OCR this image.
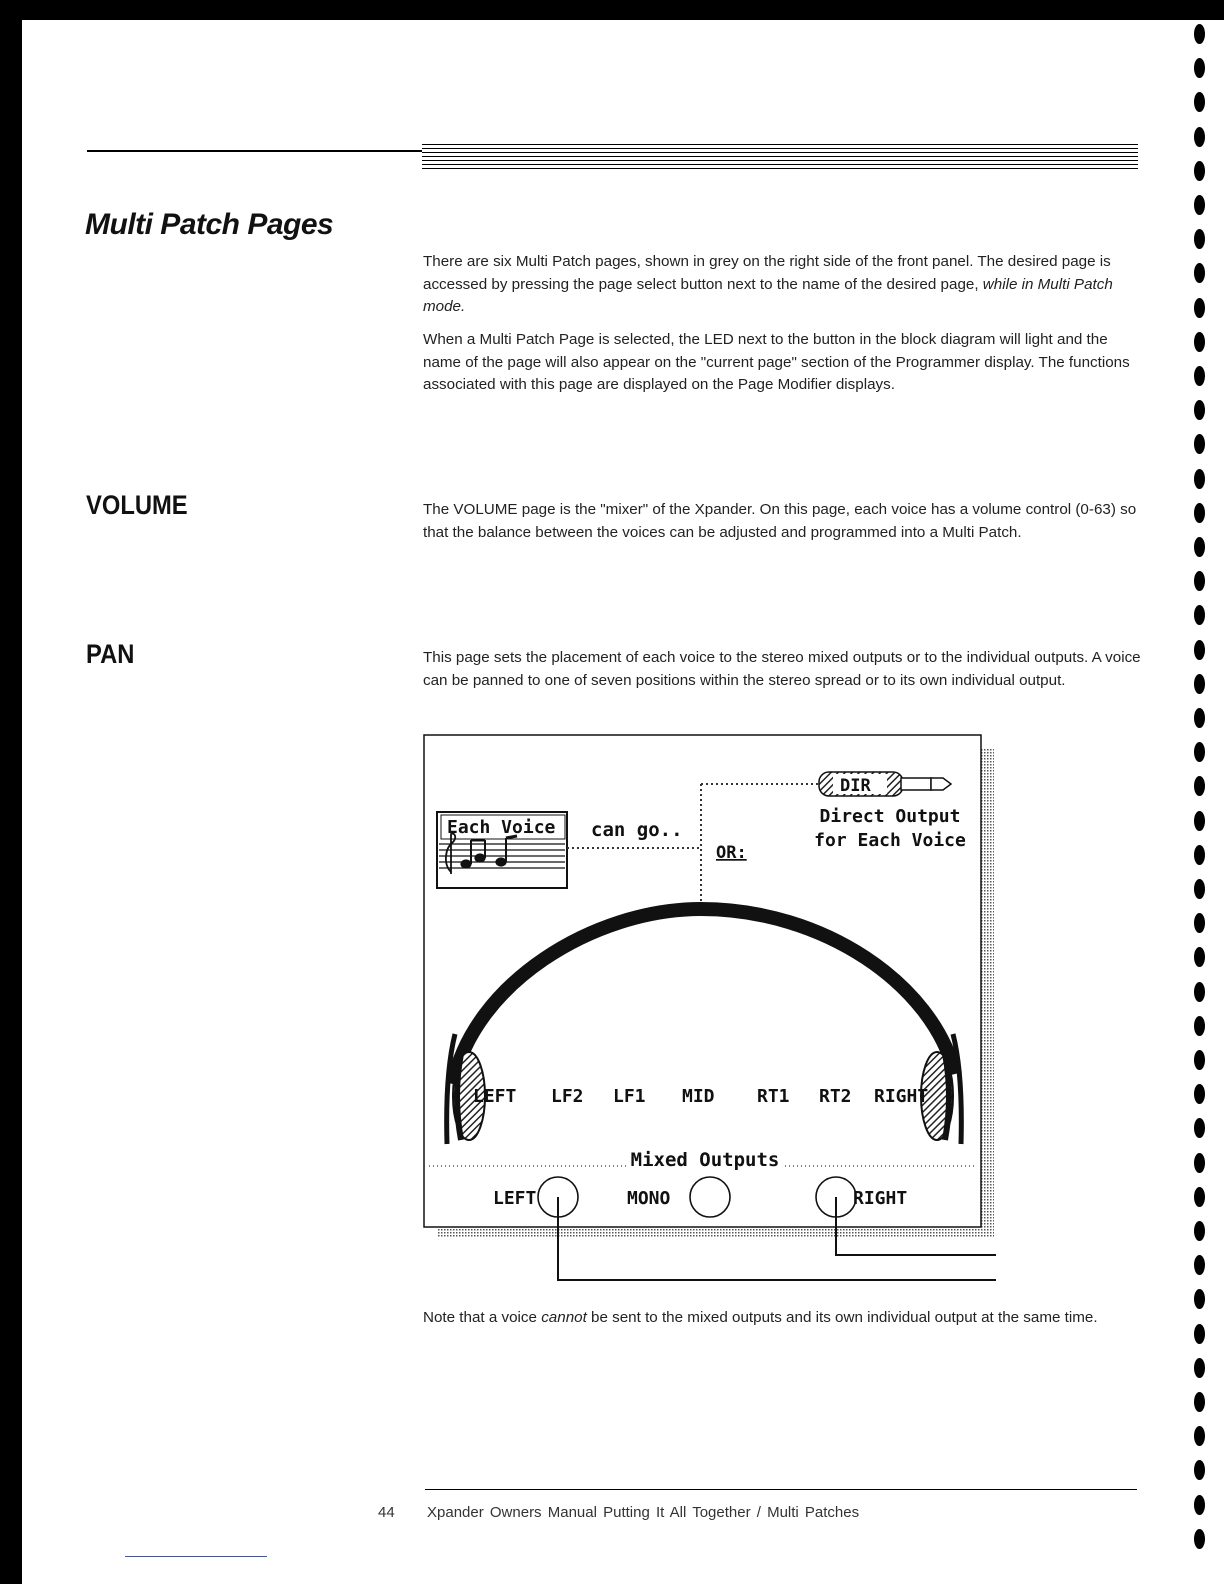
Multi Patch Pages

There are six Multi Patch pages, shown in grey on the right side of the front panel. The desired page is accessed by pressing the page select button next to the name of the desired page, while in Multi Patch mode.

When a Multi Patch Page is selected, the LED next to the button in the block diagram will light and the name of the page will also appear on the "current page" section of the Programmer display. The functions associated with this page are displayed on the Page Modifier displays.

VOLUME	The VOLUME page is the "mixer" of the Xpander. On this page, each voice has a volume control (0-63) so that the balance between the voices can be adjusted and programmed into a Multi Patch.

PAN	This page sets the placement of each voice to the stereo mixed outputs or to the individual outputs. A voice can be panned to one of seven positions within the stereo spread or to its own individual output.

Each Voice can go..
OR:
DIR
Direct Output
for Each Voice
LEFT LF2 LF1 MID RT1 RT2 RIGHT
Mixed Outputs
LEFT	MONO	RIGHT

Note that a voice cannot be sent to the mixed outputs and its own individual output at the same time.

44 Xpander Owners Manual Putting It All Together / Multi Patches
